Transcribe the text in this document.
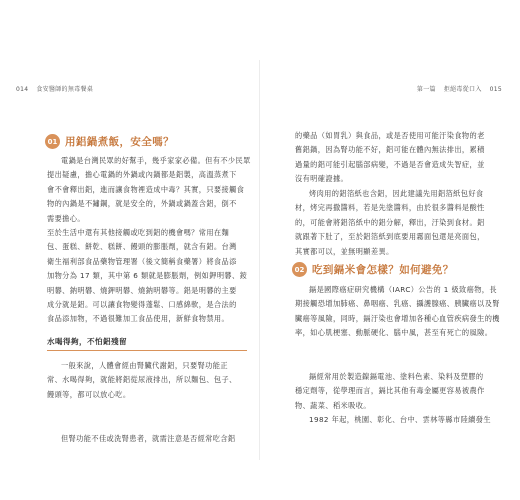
014 食安醫師的無毒餐桌	第一篇 拒絕毒從口入 015
01 用鋁鍋煮飯，安全嗎？
電鍋是台灣民眾的好幫手，幾乎家家必備。但有不少民眾
提出疑慮，擔心電鍋的外鍋或內鍋都是鋁製，高溫蒸煮下
會不會釋出鋁，進而讓食物裡造成中毒？其實，只要接觸食
物的內鍋是不鏽鋼，就是安全的，外鍋或鍋蓋含鋁，倒不
需要擔心。
至於生活中還有其他接觸或吃到鋁的機會嗎？常用在麵
包、蛋糕、餅乾、糕餅、饅頭的膨脹劑，就含有鋁。台灣
衛生福利部食品藥物管理署（後文簡稱食藥署）將食品添
加物分為 17 類，其中第 6 類就是膨脹劑，例如鉀明礬、銨
明礬、鈉明礬、燒鉀明礬、燒鈉明礬等。鋁是明礬的主要
成分就是鋁。可以讓食物變得蓬鬆、口感綿軟，是合法的
食品添加物，不過很難加工食品使用，新鮮食物禁用。
水喝得夠，不怕鋁殘留
一般來說，人體會經由腎臟代謝鋁，只要腎功能正
常、水喝得夠，就能將鋁從尿液排出，所以麵包、包子、
饅頭等，都可以放心吃。
但腎功能不佳或洗腎患者，就需注意是否經常吃含鋁
的藥品（如胃乳）與食品，或是否使用可能汙染食物的老
舊鋁鍋，因為腎功能不好，鋁可能在體內無法排出，累積
過量的鋁可能引起腦部病變，不過是否會造成失智症，並
沒有明確證據。
烤肉用的鋁箔紙也含鋁，因此建議先用鋁箔紙包好食
材，烤完再撒醬料，若是先塗醬料，由於很多醬料是酸性
的，可能會將鋁箔紙中的鋁分解，釋出，汙染到食材。鋁
就跟著下肚了，至於鋁箔紙到底要用霧面包還是亮面包，
其實都可以，並無明顯差異。
02 吃到鎘米會怎樣？如何避免？
鎘是國際癌症研究機構（IARC）公告的 1 級致癌物，長
期接觸恐增加肺癌、鼻咽癌、乳癌、攝護腺癌、胰臟癌以及腎
臟癌等風險，同時，鎘汙染也會增加各種心血管疾病發生的機
率，如心肌梗塞、動脈硬化、腦中風，甚至有死亡的風險。
鎘經常用於製造鎳鎘電池、塗料色素、染料及塑膠的
穩定劑等，從學理而言，鎘比其他有毒金屬更容易被農作
物、蔬菜、稻米吸收。
1982 年起，桃園、彰化、台中、雲林等縣市陸續發生
